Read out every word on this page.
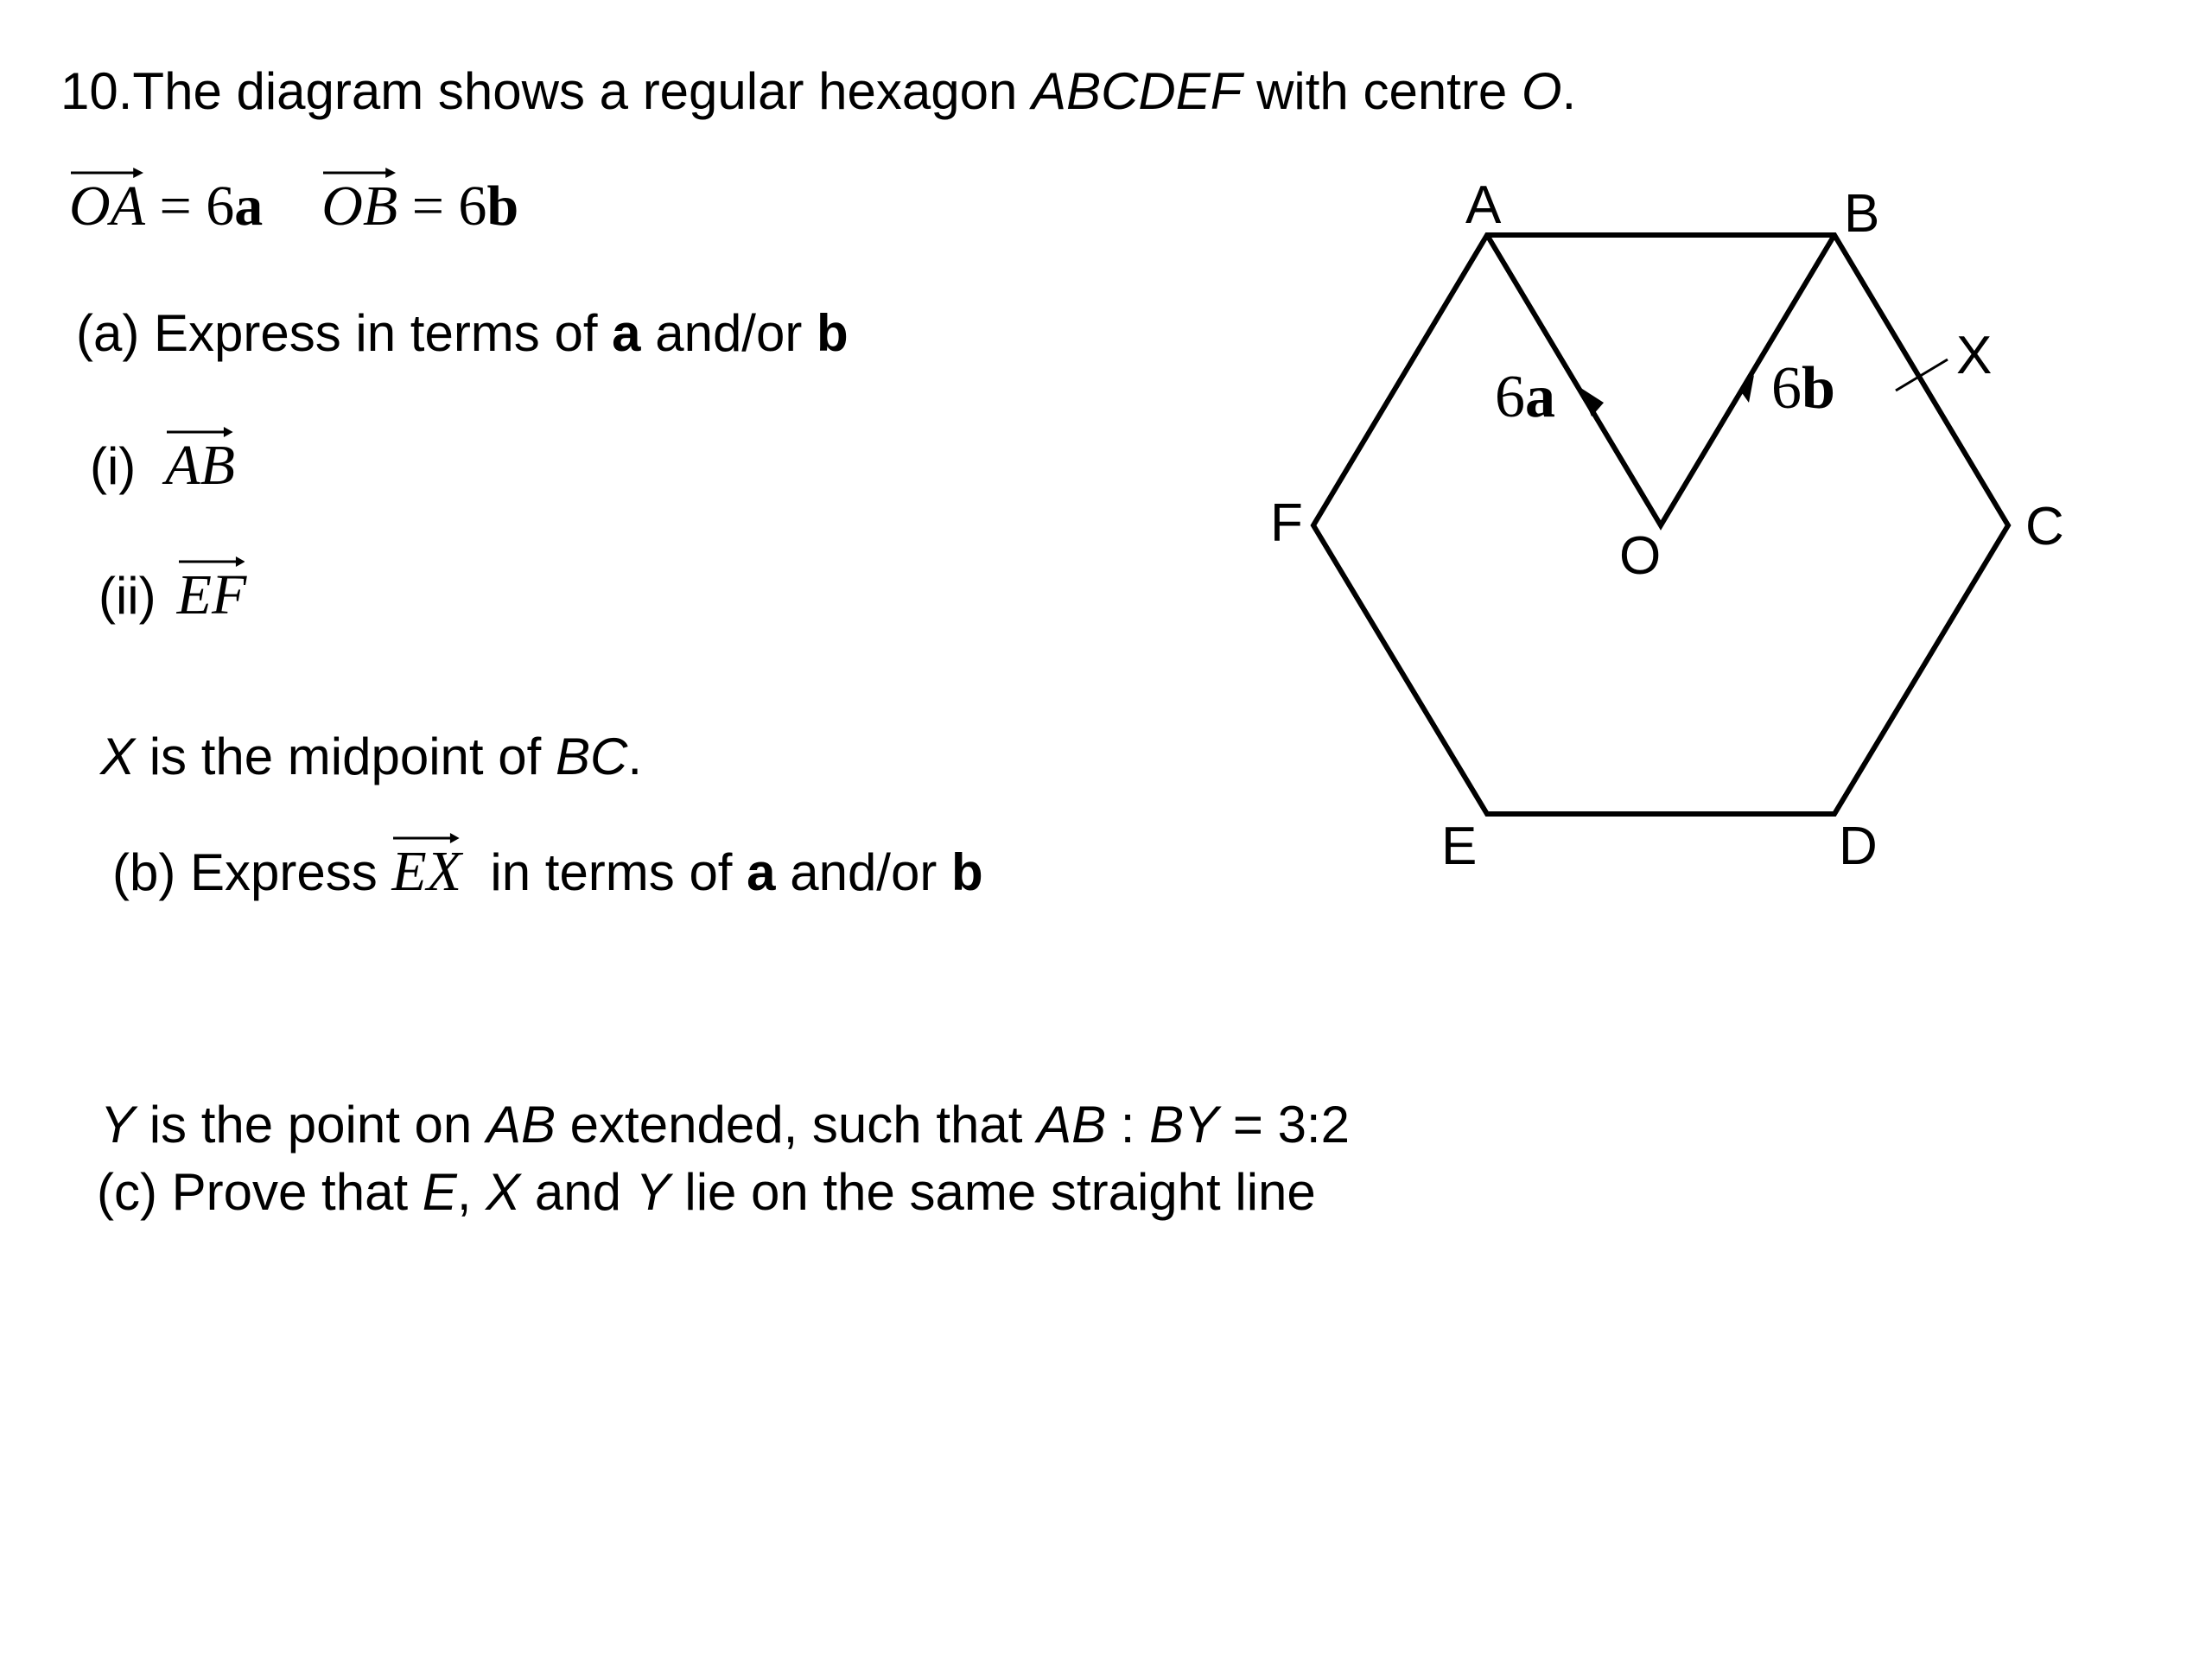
10.The diagram shows a regular hexagon ABCDEF with centre O.
OA = 6a OB = 6b
(a) Express in terms of a and/or b
(i) AB
(ii) EF
X is the midpoint of BC.
(b) Express
EX  in terms of a and/or b
Y is the point on AB extended, such that AB : BY = 3:2
(c) Prove that E, X and Y lie on the same straight line
A	B
C
D
E
F
O
X
6a	6b
